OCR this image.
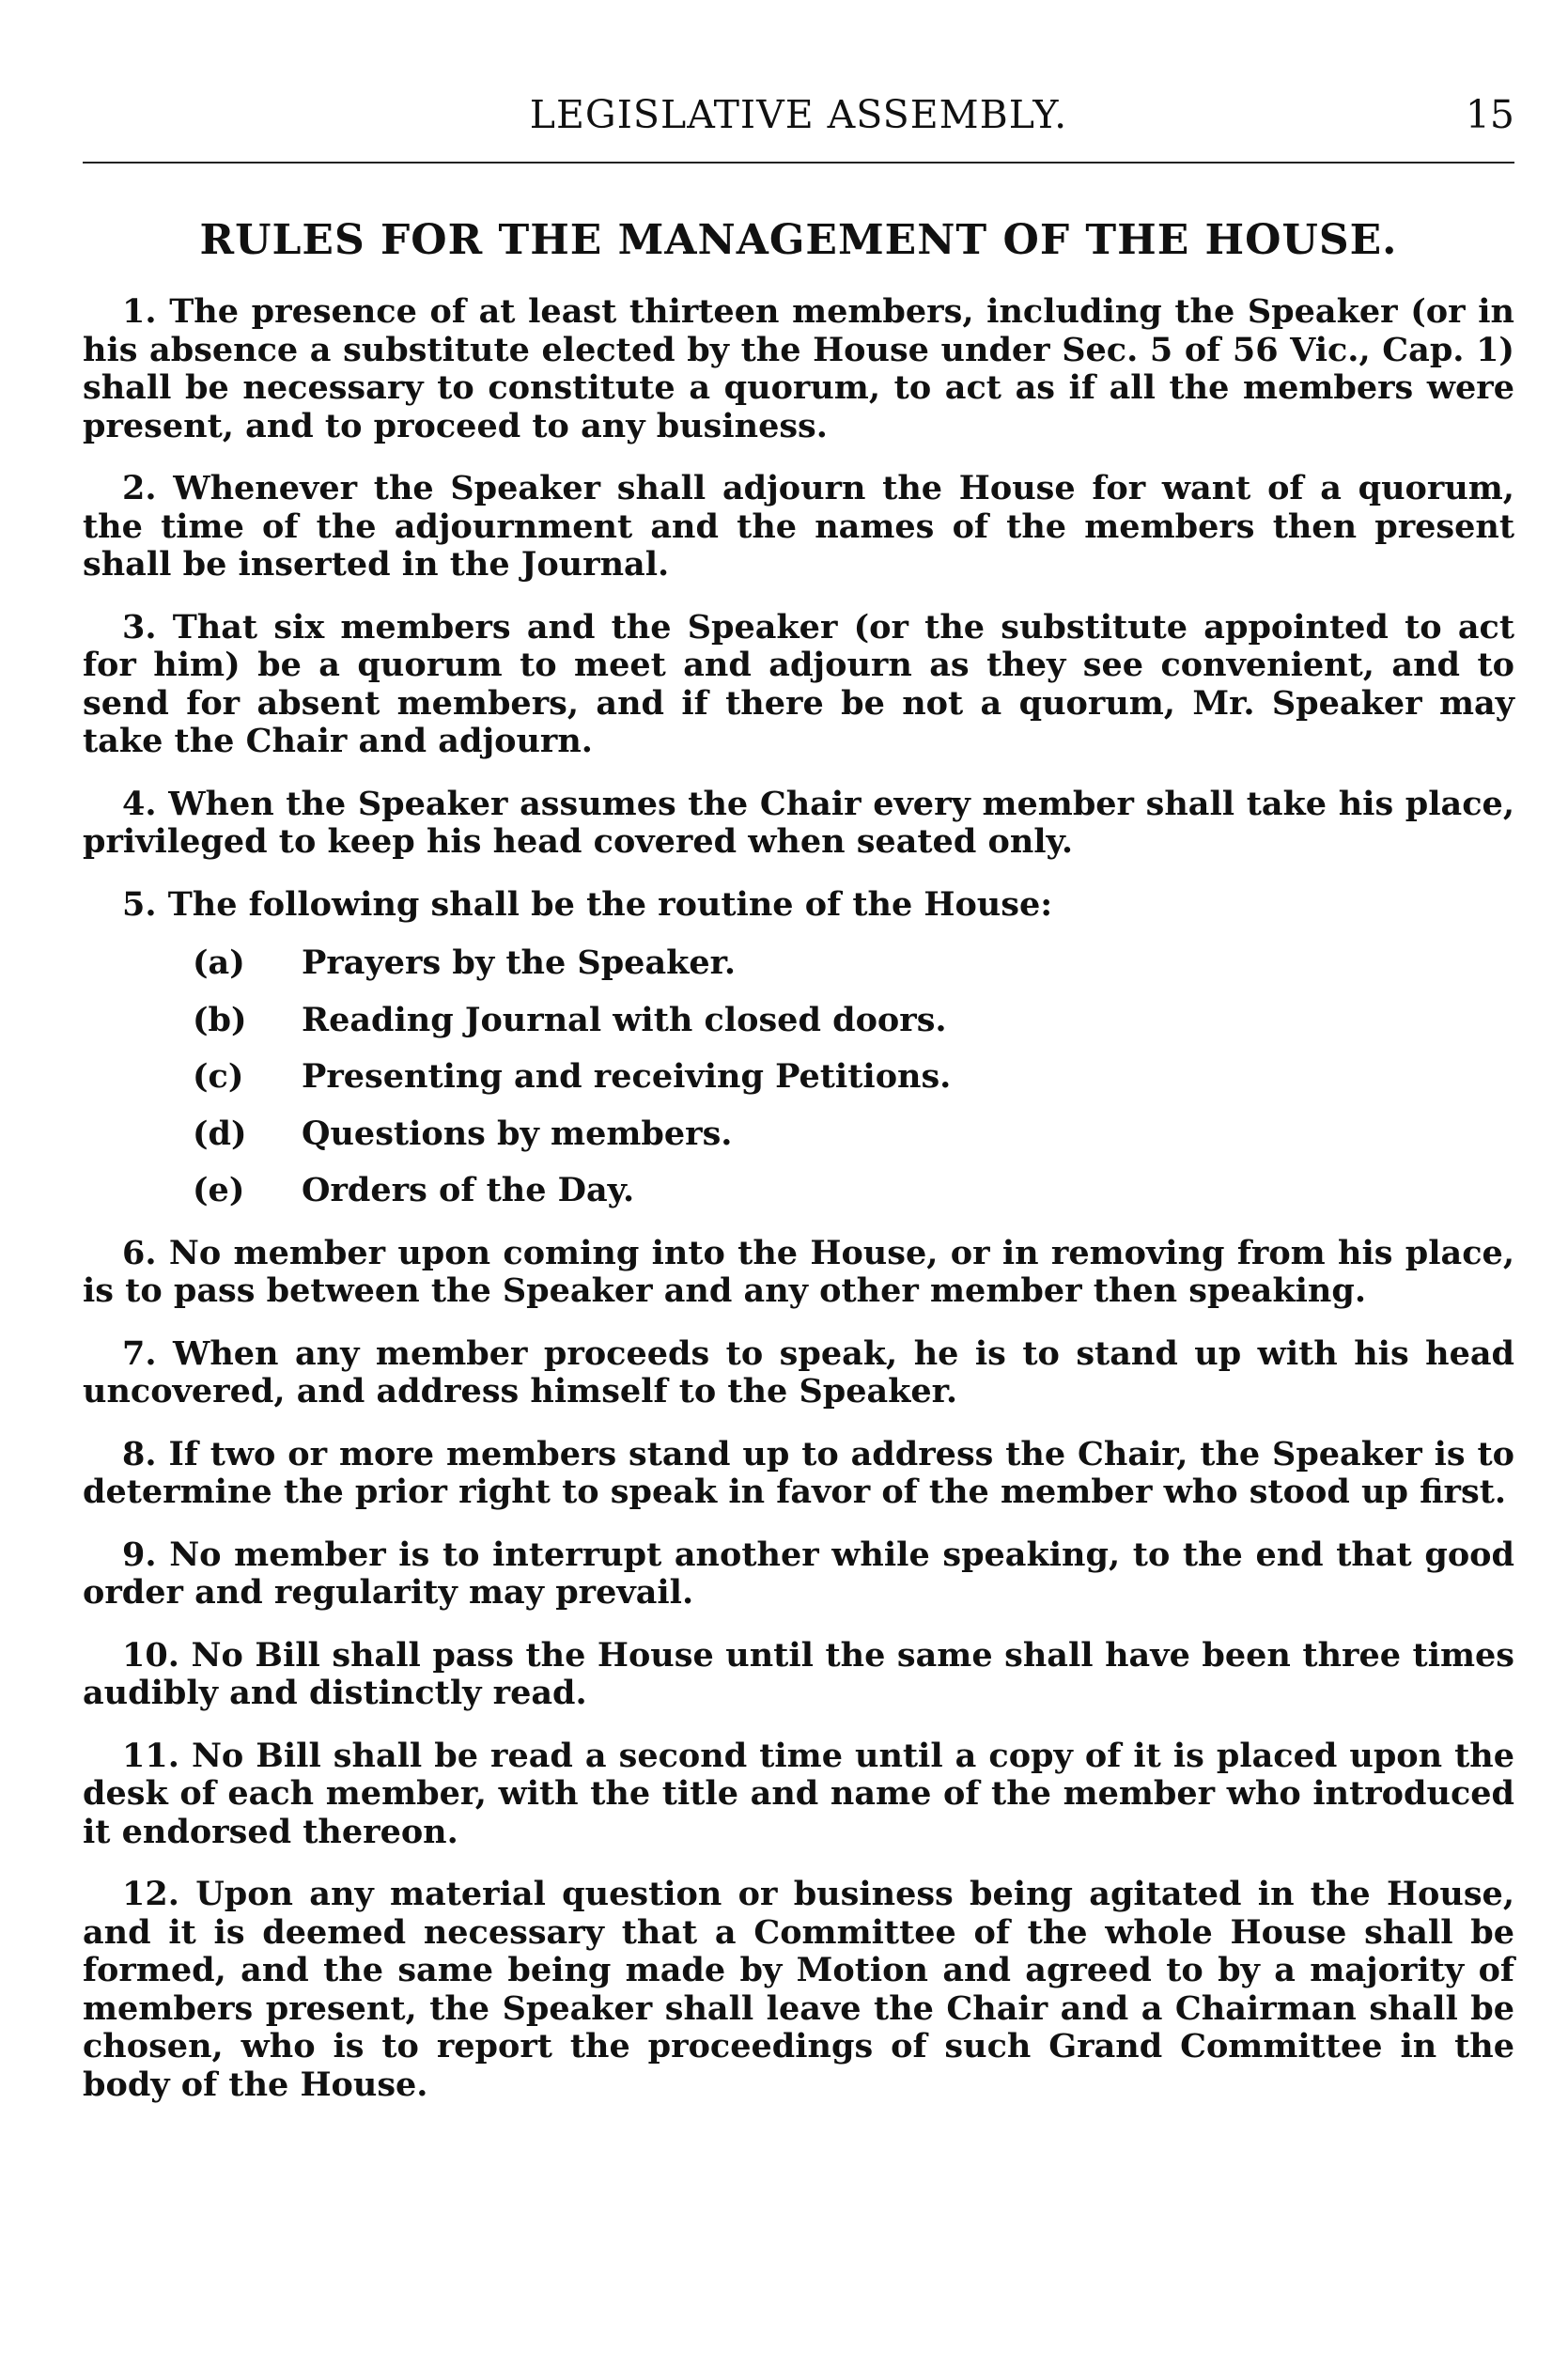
LEGISLATIVE ASSEMBLY.	15
RULES FOR THE MANAGEMENT OF THE HOUSE.

1. The presence of at least thirteen members, including the Speaker (or in his absence a substitute elected by the House under Sec. 5 of 56 Vic., Cap. 1) shall be necessary to constitute a quorum, to act as if all the members were present, and to proceed to any business.

2. Whenever the Speaker shall adjourn the House for want of a quorum, the time of the adjournment and the names of the members then present shall be inserted in the Journal.

3. That six members and the Speaker (or the substitute appointed to act for him) be a quorum to meet and adjourn as they see convenient, and to send for absent members, and if there be not a quorum, Mr. Speaker may take the Chair and adjourn.

4. When the Speaker assumes the Chair every member shall take his place, privileged to keep his head covered when seated only.

5. The following shall be the routine of the House:

(a)	Prayers by the Speaker.
(b)	Reading Journal with closed doors.
(c)	Presenting and receiving Petitions.
(d)	Questions by members.
(e)	Orders of the Day.

6. No member upon coming into the House, or in removing from his place, is to pass between the Speaker and any other member then speaking.

7. When any member proceeds to speak, he is to stand up with his head uncovered, and address himself to the Speaker.

8. If two or more members stand up to address the Chair, the Speaker is to determine the prior right to speak in favor of the member who stood up first.

9. No member is to interrupt another while speaking, to the end that good order and regularity may prevail.

10. No Bill shall pass the House until the same shall have been three times audibly and distinctly read.

11. No Bill shall be read a second time until a copy of it is placed upon the desk of each member, with the title and name of the member who introduced it endorsed thereon.

12. Upon any material question or business being agitated in the House, and it is deemed necessary that a Committee of the whole House shall be formed, and the same being made by Motion and agreed to by a majority of members present, the Speaker shall leave the Chair and a Chairman shall be chosen, who is to report the proceedings of such Grand Committee in the body of the House.
